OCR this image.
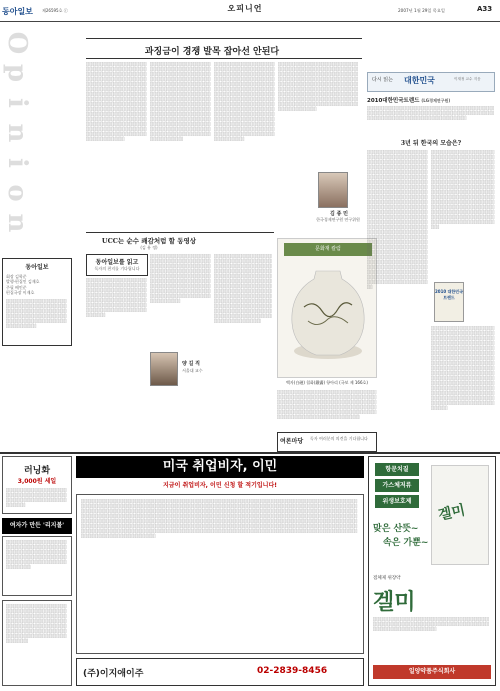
동아일보 제26595호 ⓒ	오피니언	2007년 1월 29일 목요일	A33
O
p
i
n
i
o
n
과징금이 경쟁 발목 잡아선 안된다
░░░░░░░░░░░░░░░░░░░░░░░░░░░░░░░░░░░░░░░░░░░░░░░░░░░░░░░░░░░░░░░░░░░░░░░░░░░░░░░░░░░░░░░░░░░░░░░░░░░░░░░░░░░░░░░░░░░░░░░░░░░░░░░░░░░░░░░░░░░░░░░░░░░░░░░░░░░░░░░░░░░░░░░░░░░░░░░░░░░░░░░░░░░░░░░░░░░░░░░░░░░░░░░░░░░░░░░░░░░░░░░░░░░░░░░░░░░░░░░░░░░░░░░░░░░░░░░░░░░░░░░░░░░░░░░░░░░░░░░░░░░░░░░░░░░░░░░░░░░░░░░░░░░░░░░░░░░░░░░░░░░░░░░░░░░░░░░░░░░░░░░░
░░░░░░░░░░░░░░░░░░░░░░░░░░░░░░░░░░░░░░░░░░░░░░░░░░░░░░░░░░░░░░░░░░░░░░░░░░░░░░░░░░░░░░░░░░░░░░░░░░░░░░░░░░░░░░░░░░░░░░░░░░░░░░░░░░░░░░░░░░░░░░░░░░░░░░░░░░░░░░░░░░░░░░░░░░░░░░░░░░░░░░░░░░░░░░░░░░░░░░░░░░░░░░░░░░░░░░░░░░░░░░░░░░░░░░░░░░░░░░░░░░░░░░░░░░░░░░░░░░░░░░░░░░░░░░░░░░░░░░░░░░░░░░░░░░░░░░░░░░░░░░░░░░░░░░░░░░░░░░░░░░░░░░░░░░░░░░░░░░░░░░
░░░░░░░░░░░░░░░░░░░░░░░░░░░░░░░░░░░░░░░░░░░░░░░░░░░░░░░░░░░░░░░░░░░░░░░░░░░░░░░░░░░░░░░░░░░░░░░░░░░░░░░░░░░░░░░░░░░░░░░░░░░░░░░░░░░░░░░░░░░░░░░░░░░░░░░░░░░░░░░░░░░░░░░░░░░░░░░░░░░░░░░░░░░░░░░░░░░░░░░░░░░░░░░░░░░░░░░░░░░░░░░░░░░░░░░░░░░░░░░░░░░░░░░░░░░░░░░░░░░░░░░░░░░░░░░░░░░░░░░░░░░░░░░░░░░░░░░░░░░░░░░░░░░░░░░░░░░░░░░░░░░░░░░░░░░░░░░░░░░░░
░░░░░░░░░░░░░░░░░░░░░░░░░░░░░░░░░░░░░░░░░░░░░░░░░░░░░░░░░░░░░░░░░░░░░░░░░░░░░░░░░░░░░░░░░░░░░░░░░░░░░░░░░░░░░░░░░░░░░░░░░░░░░░░░░░░░░░░░░░░░░░░░░░░░░░░░░░░░░░░░░░░░░░░░░░░░░░░░░░░░░░░░░░░░░░░░░░░░░░░░░░░░░░░░░░░░░░░░░░░░░░░░░░░░░░░░░░░░░░░░░░░░░░░░░░░░░░░░░░░░░░░░░░░░░░░░░░░
김 종 민
한국경제연구원 연구위원
UCC는 순수 쾌감처럼 할 동영상
(김 유 정)
동아일보를 읽고
독자의 편지를 기다립니다
░░░░░░░░░░░░░░░░░░░░░░░░░░░░░░░░░░░░░░░░░░░░░░░░░░░░░░░░░░░░░░░░░░░░░░░░░░░░░░░░░░░░░░░░░░░░░░░░░░░░░░░░░░░░░░░░░░░░░░░░░░░░░░░░░░░░░░░░░░░░░░░░░░░░░░░░░░░░░░░░░
░░░░░░░░░░░░░░░░░░░░░░░░░░░░░░░░░░░░░░░░░░░░░░░░░░░░░░░░░░░░░░░░░░░░░░░░░░░░░░░░░░░░░░░░░░░░░░░░░░░░░░░░░░░░░░░░░░░░░░░░░░░░░░░░░░░░░░░░░░░░░░░░░░░░░░░░░░░░░░░░░░░░░░░░░░░░░░░░░░░░░░░░░░░░░░░░░░░░░░░░░░░░░░░░░
░░░░░░░░░░░░░░░░░░░░░░░░░░░░░░░░░░░░░░░░░░░░░░░░░░░░░░░░░░░░░░░░░░░░░░░░░░░░░░░░░░░░░░░░░░░░░░░░░░░░░░░░░░░░░░░░░░░░░░░░░░░░░░░░░░░░░░░░░░░░░░░░░░░░░░░░░░░░░░░░░░░░░░░░░░░░░░░░░░░░░░░░░░░░░░░░░░░░░░░░░░░░░░░░░░░░░░░░░░░░░░░░░░░░░░░░░░░░░░░░░░░░░░░░░░░░░░░░░░░░░░░░░░░░░░░░░░░░░░░░░░░░░░░░░░
동아일보
회장 김학준
발행·편집인 김재호
주필 배인준
편집국장 이재호
░░░░░░░░░░░░░░░░░░░░░░░░░░░░░░░░░░░░░░░░░░░░░░░░░░░░░░░░░░░░░░░░░░░░░░░░░░░░░░░░░░░░░░░░░░░░░░░░░░░░░░░░░░░░░░░░░░░░░░░░░
양 길 직
서울대 교수
문화재 칼럼
백자(白磁) 철화(鐵畵) 항아리 (국보 제 166호)
░░░░░░░░░░░░░░░░░░░░░░░░░░░░░░░░░░░░░░░░░░░░░░░░░░░░░░░░░░░░░░░░░░░░░░░░░░░░░░░░░░░░░░░░░░░░░░░░░░░░░░░░░░░░░░░░░░░░░░░░░░░░░░░░░░░░░░░░░░░░░░░░░░░░░░░░░░░░░░░░░░░░░░░░░░░░░░░░░░░░░░░░░░░░░░░░░░░░░░░░░░░░░░░░░░
여론마당 독자 여러분의 의견을 기다립니다
다시 읽는 대한민국	이재정 교수 지음
2010대한민국트렌드 (LG경제연구원)
░░░░░░░░░░░░░░░░░░░░░░░░░░░░░░░░░░░░░░░░░░░░░░░░░░░░░░░░░░░░░░░░░░░░░░░░░░░░░░░░░░░░░░░░░░░░░░░░░░░░░░░░░░░░░░░░░░░░░░░░░░░░░░░░
3년 뒤 한국의 모습은?
░░░░░░░░░░░░░░░░░░░░░░░░░░░░░░░░░░░░░░░░░░░░░░░░░░░░░░░░░░░░░░░░░░░░░░░░░░░░░░░░░░░░░░░░░░░░░░░░░░░░░░░░░░░░░░░░░░░░░░░░░░░░░░░░░░░░░░░░░░░░░░░░░░░░░░░░░░░░░░░░░░░░░░░░░░░░░░░░░░░░░░░░░░░░░░░░░░░░░░░░░░░░░░░░░░░░░░░░░░░░░░░░░░░░░░░░░░░░░░░░░░░░░░░░░░░░░░░░░░░░░░░░░░░░░░░░░░░░░░░░░░░░░░░░░░░░░░░░░░░░░░░░░░░░░░░░░░░░░░░░░░░░░░░░░░░░░░░░░░░░░░░░░░░░░░░░░░░░░░░░░░░░░░░░░░░░░░░░░░░░░░░░░░░░░░░░░░░░░░░░░░░░░░░░░░░░░░░░░░░░░░░░░░░░░░░░░░░░░░░░░░░░░░░░░░░░░░░░░░░░░░░░░░░░░░░░░░░░░░░░░░░░░░░░░░░░░░░░░░░░░░░░░░░░░░░░░░░░░░░░░░░░░░░░░░░░░░░░░░░░░░░░░░░░░░░░░░░░░░░░░░░░░░░░░░░░░░░░░░░░░░░░░░░░░░░░░░░░
░░░░░░░░░░░░░░░░░░░░░░░░░░░░░░░░░░░░░░░░░░░░░░░░░░░░░░░░░░░░░░░░░░░░░░░░░░░░░░░░░░░░░░░░░░░░░░░░░░░░░░░░░░░░░░░░░░░░░░░░░░░░░░░░░░░░░░░░░░░░░░░░░░░░░░░░░░░░░░░░░░░░░░░░░░░░░░░░░░░░░░░░░░░░░░░░░░░░░░░░░░░░░░░░░░░░░░░░░░░░░░░░░░░░░░░░░░░░░░░░░░░░░░░░░░░░░░░░░░░░░░░░░░░░░░░░░░░░░░░░░░░░░░░░░░░░░░░░░░░░░░░░░░░░░░░░░░░░░░░░░░░░░░░░░░░░░░░░░░░░░░░░░░░░
2010 대한민국 트렌드
░░░░░░░░░░░░░░░░░░░░░░░░░░░░░░░░░░░░░░░░░░░░░░░░░░░░░░░░░░░░░░░░░░░░░░░░░░░░░░░░░░░░░░░░░░░░░░░░░░░░░░░░░░░░░░░░░░░░░░░░░░░░░░░░░░░░░░░░░░░░░░░░░░░░░░░░░░░░░░░░░░░░░░░░░░░░░░░░░░░░░░░░░░░░░░░░░░░░░░░░░░░░░░░░░░░░░░░░░░░░░░░░░░░░░░░░░░░░░░░░░░░░░░░░░░░░░░░░░░░░░░░░░░░░░░░░░░░░░░░░░░░░░░░░░░░░░░░░░░░░░░░░░░░░░░░░░░░░░░░░░░░░░░░░░░░░░░░░░░░░░░░░░░░░░░░░░░░░░░░░░░░░░░░░░░░░░░
러닝화
3,000원 세일
░░░░░░░░░░░░░░░░░░░░░░░░░░░░░░░░░░░░░░░░░░░░░░░░░░░░░░░░░░░░░░░░░░░░░░░░░
여자가 만든 '리지볼'
░░░░░░░░░░░░░░░░░░░░░░░░░░░░░░░░░░░░░░░░░░░░░░░░░░░░░░░░░░░░░░░░░░░░░░░░░░░░░░░░░░░░░░░░░░░░░░░░░░░░░░░░░░░░░░░░░░░░░░░
░░░░░░░░░░░░░░░░░░░░░░░░░░░░░░░░░░░░░░░░░░░░░░░░░░░░░░░░░░░░░░░░░░░░░░░░░░░░░░░░░░░░░░░░░░░░░░░░░░░░░░░░░░░░░░░░░░░░░░░░░░░░░░░░░░░░░░░░░░░░░░░░░░░░░░░░░░░░░░░░░░
미국 취업비자, 이민
지금이 취업비자, 이민 신청 할 적기입니다!
░░░░░░░░░░░░░░░░░░░░░░░░░░░░░░░░░░░░░░░░░░░░░░░░░░░░░░░░░░░░░░░░░░░░░░░░░░░░░░░░░░░░░░░░░░░░░░░░░░░░░░░░░░░░░░░░░░░░░░░░░░░░░░░░░░░░░░░░░░░░░░░░░░░░░░░░░░░░░░░░░░░░░░░░░░░░░░░░░░░░░░░░░░░░░░░░░░░░░░░░░░░░░░░░░░░░░░░░░░░░░░░░░░░░░░░░░░░░░░░░░░░░░░░░░░░░░░░░░░░░░░░░░░░░░░░░░░░░░░░░░░░░░░░░░░░░░░░░░░░░░░░░░░░░░░░░░░░░░░░░░░░░░░░░░░░░░░░░░░░░░░░░░░░░░░░░░░░░░░░░░░░░░░░░░░░░░░░░░░░░░░░░░░░░░░░░░░░░░░░░░░░░░░░░░░░░░░░░░░░░░░░░░░░░░░░░░░░░░░░░░░░░░░░░░░░░░░░░░░░░░░░░░░░░░░░░░░░░░░░░░░░░░░░░░░░░░░░░░░░░░░░░░░░░░░░░░░░░░░░░░░░░░░░░░░░░░░░░░░░░░░░░░░░░░░░░░░░░░░░░░░░░░░░░░░░░░░░░░░░░░░░░░░░░░░░░░░░░░░░░░░░░░░░░░░░░░░░░░░░░░░░░░░░░░░░░░░░░░░░░░░░░░░░░░░░░░░░░░░░░░░░░░░░░░░░░░░░░░░░░░░░░░░░░░░░░░░░░░░░░░░░░░░░░░░░░░░░░░░░░░░░░░░░
(주)이지애이주	02-2839-8456
항문치질
가스체저류
위생보호제
겔미
맞은 산뜻~
속은 가뿐~
점체제 위장약
겔미
░░░░░░░░░░░░░░░░░░░░░░░░░░░░░░░░░░░░░░░░░░░░░░░░░░░░░░░░░░░░░░░░░░░░░░░░░░░░░░░░░░░░░░░░░░░░░░░░░░░░░░░░░░░
일양약품주식회사
